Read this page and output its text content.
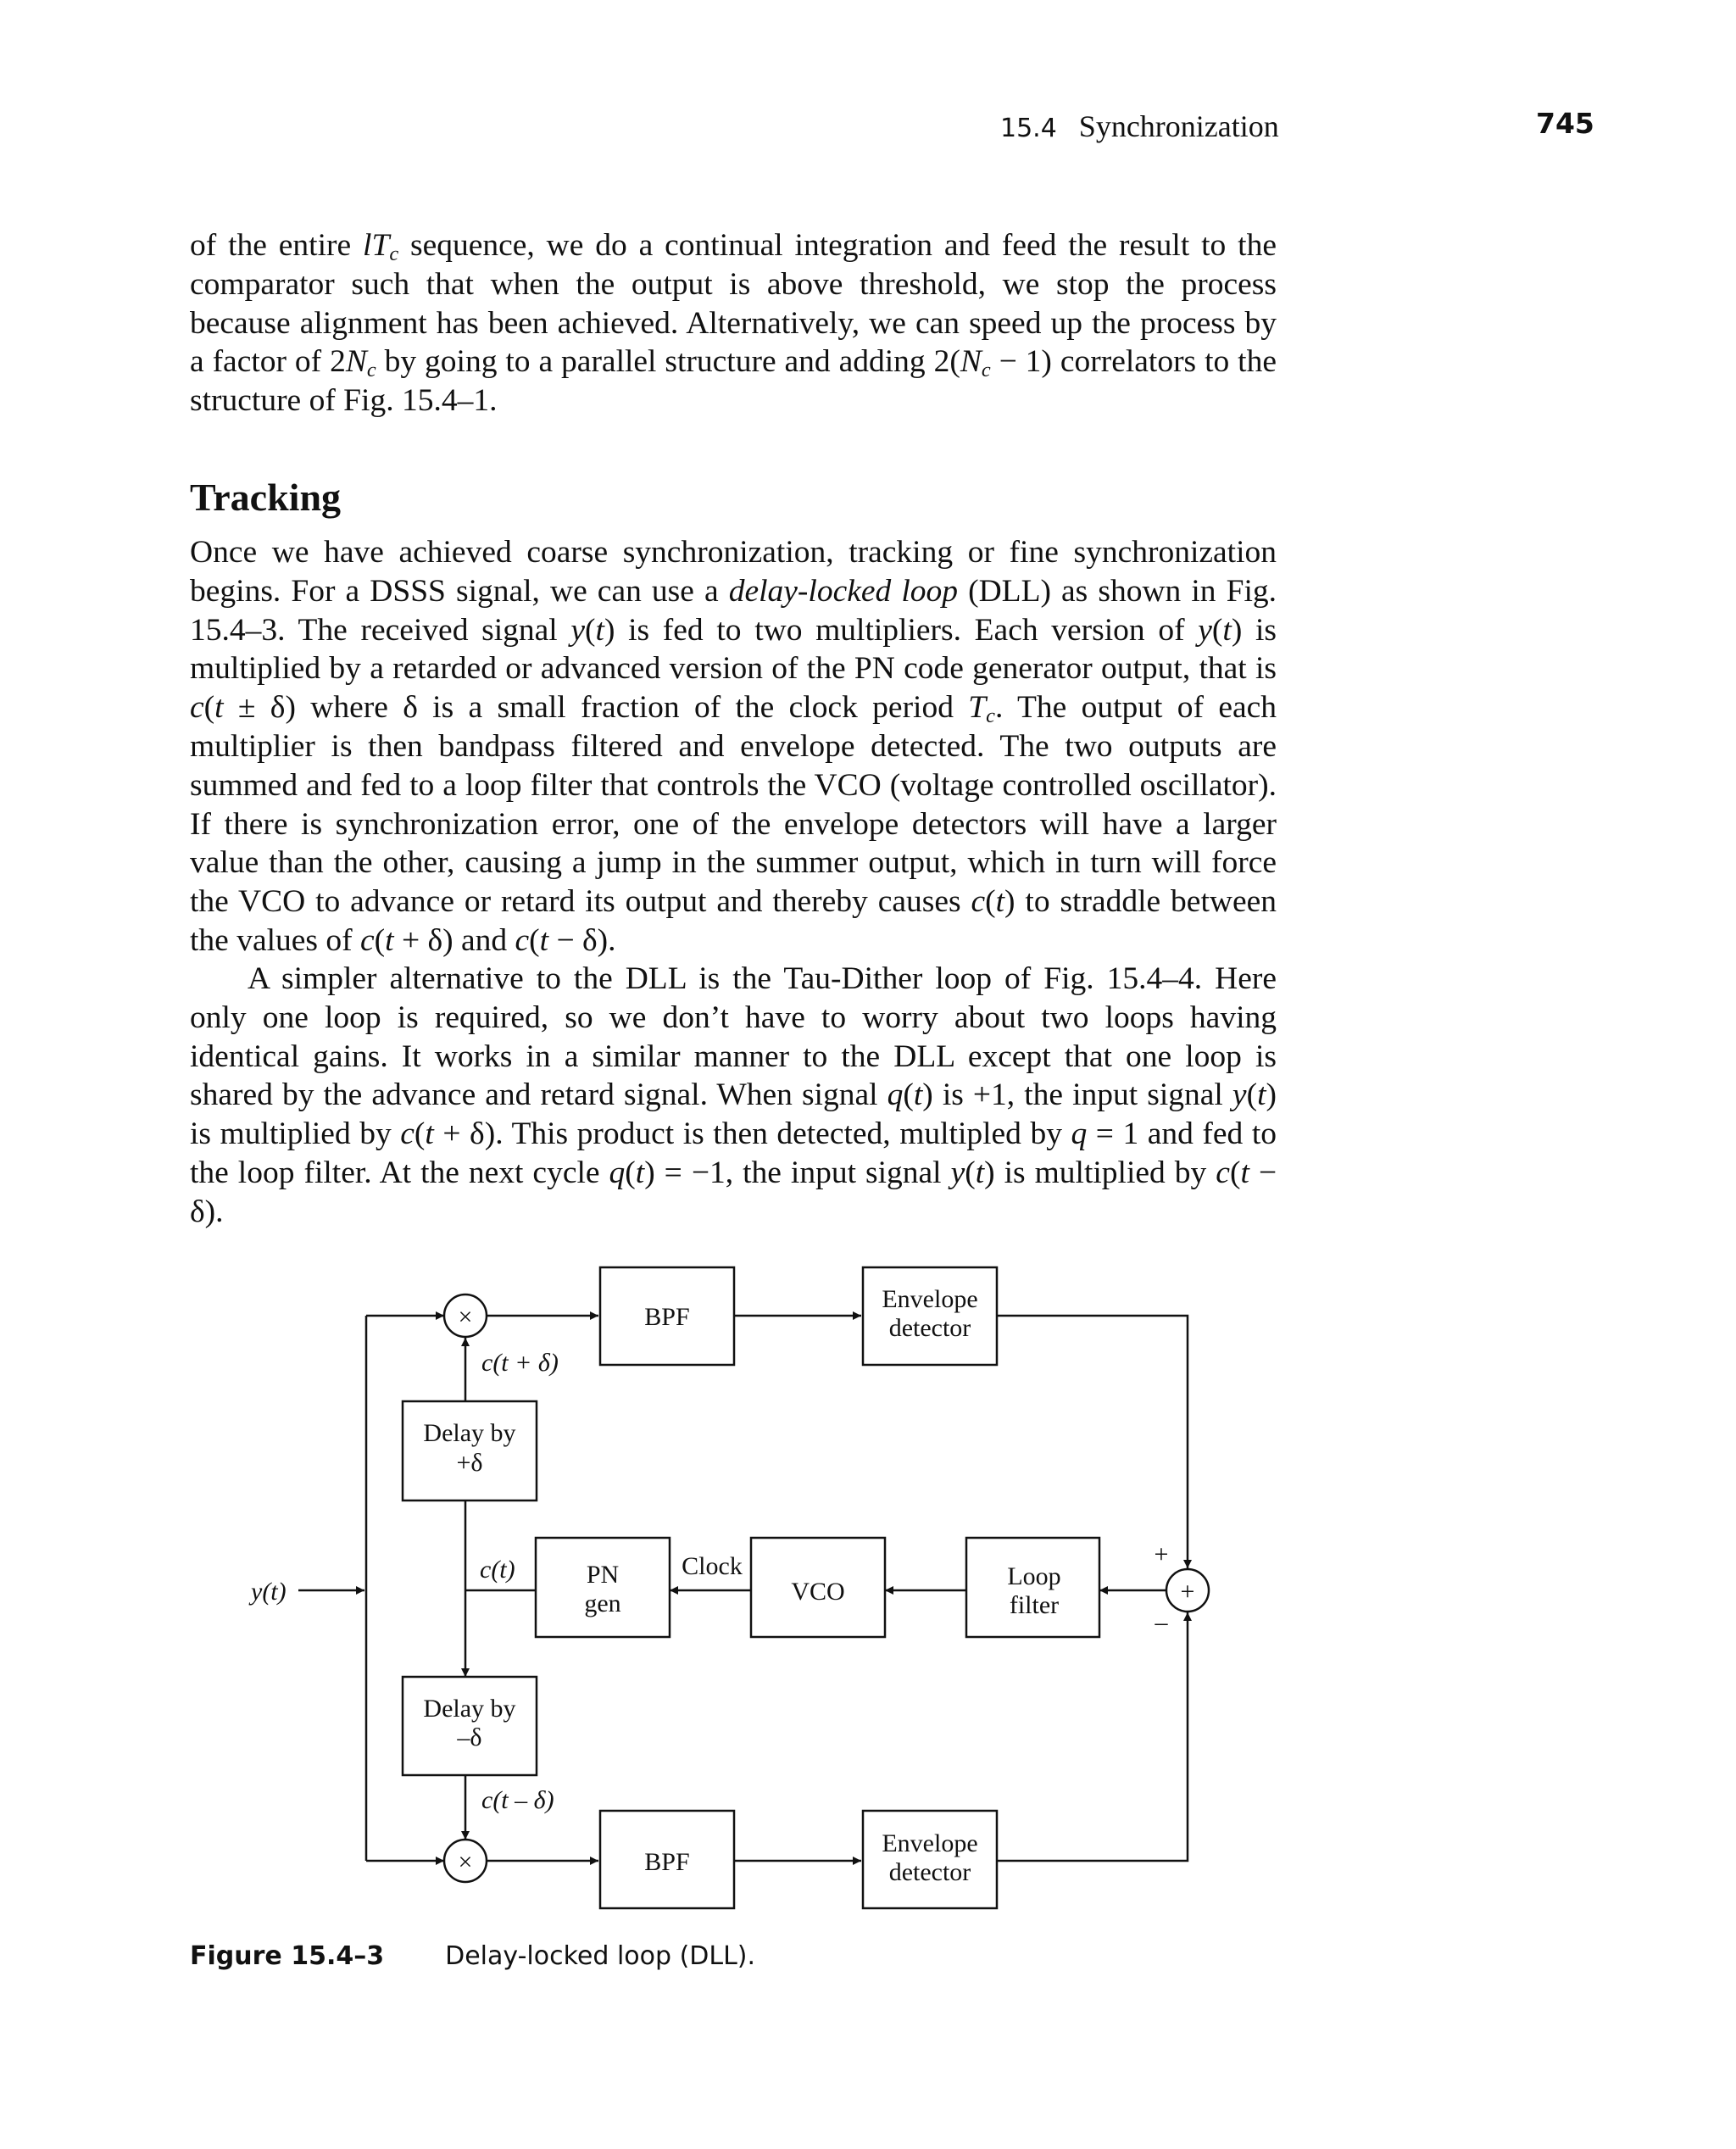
15.4 Synchronization	745

of the entire $lT_c$ sequence, we do a continual integration and feed the result to the comparator such that when the output is above threshold, we stop the process because alignment has been achieved. Alternatively, we can speed up the process by a factor of $2N_c$ by going to a parallel structure and adding $2(N_c - 1)$ correlators to the structure of Fig. 15.4–1.

Tracking

Once we have achieved coarse synchronization, tracking or fine synchronization begins. For a DSSS signal, we can use a delay-locked loop (DLL) as shown in Fig. 15.4–3. The received signal y(t) is fed to two multipliers. Each version of y(t) is multiplied by a retarded or advanced version of the PN code generator output, that is c(t ± δ) where δ is a small fraction of the clock period $T_c$. The output of each multiplier is then bandpass filtered and envelope detected. The two outputs are summed and fed to a loop filter that controls the VCO (voltage controlled oscillator). If there is synchronization error, one of the envelope detectors will have a larger value than the other, causing a jump in the summer output, which in turn will force the VCO to advance or retard its output and thereby causes c(t) to straddle between the values of c(t + δ) and c(t − δ).

A simpler alternative to the DLL is the Tau-Dither loop of Fig. 15.4–4. Here only one loop is required, so we don’t have to worry about two loops having identical gains. It works in a similar manner to the DLL except that one loop is shared by the advance and retard signal. When signal q(t) is +1, the input signal y(t) is multiplied by c(t + δ). This product is then detected, multipled by q = 1 and fed to the loop filter. At the next cycle q(t) = −1, the input signal y(t) is multiplied by c(t − δ).

y(t)
×
×
BPF
BPF
Envelope
detector
Envelope
detector
c(t + δ)
c(t – δ)
c(t)
Delay by
+δ
Delay by
–δ
PN
gen
Clock
VCO
Loop
filter	+
+
–
Figure 15.4–3 Delay-locked loop (DLL).
